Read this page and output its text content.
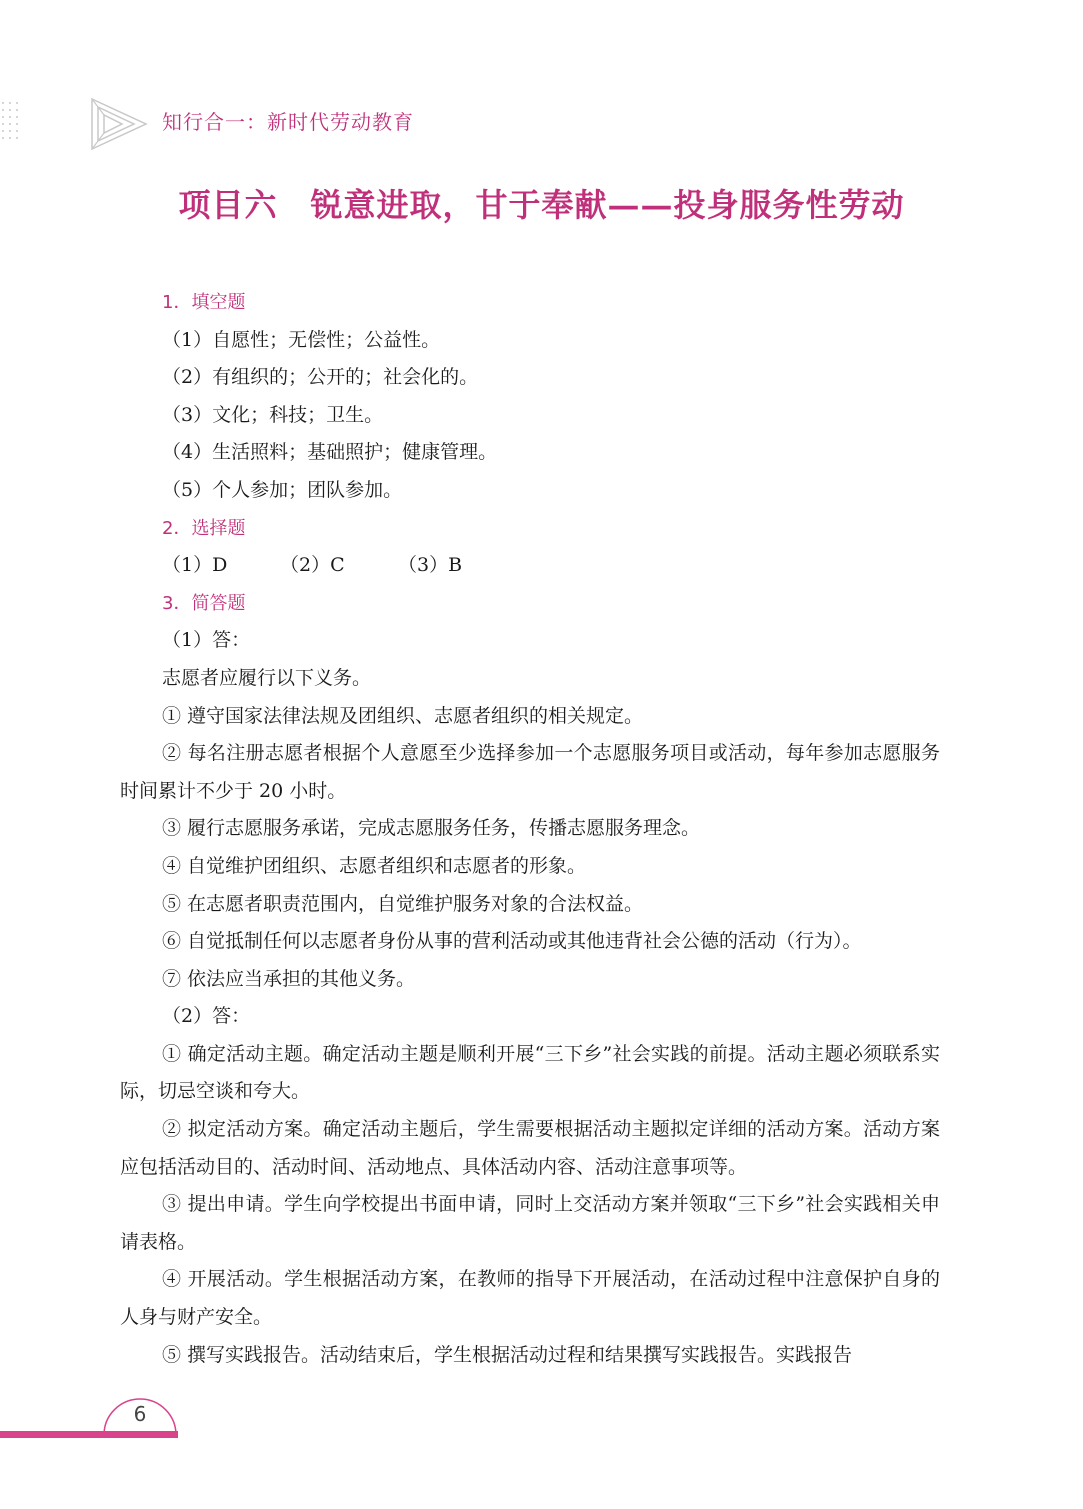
知行合一：新时代劳动教育
项目六　锐意进取，甘于奉献——投身服务性劳动

1．填空题

（1）自愿性；无偿性；公益性。

（2）有组织的；公开的；社会化的。

（3）文化；科技；卫生。

（4）生活照料；基础照护；健康管理。

（5）个人参加；团队参加。

2．选择题

（1）D	（2）C	（3）B

3．简答题

（1）答：

志愿者应履行以下义务。

① 遵守国家法律法规及团组织、志愿者组织的相关规定。

② 每名注册志愿者根据个人意愿至少选择参加一个志愿服务项目或活动，每年参加志愿服务时间累计不少于 20 小时。

③ 履行志愿服务承诺，完成志愿服务任务，传播志愿服务理念。

④ 自觉维护团组织、志愿者组织和志愿者的形象。

⑤ 在志愿者职责范围内，自觉维护服务对象的合法权益。

⑥ 自觉抵制任何以志愿者身份从事的营利活动或其他违背社会公德的活动（行为）。

⑦ 依法应当承担的其他义务。

（2）答：

① 确定活动主题。确定活动主题是顺利开展“三下乡”社会实践的前提。活动主题必须联系实际，切忌空谈和夸大。

② 拟定活动方案。确定活动主题后，学生需要根据活动主题拟定详细的活动方案。活动方案应包括活动目的、活动时间、活动地点、具体活动内容、活动注意事项等。

③ 提出申请。学生向学校提出书面申请，同时上交活动方案并领取“三下乡”社会实践相关申请表格。

④ 开展活动。学生根据活动方案，在教师的指导下开展活动，在活动过程中注意保护自身的人身与财产安全。

⑤ 撰写实践报告。活动结束后，学生根据活动过程和结果撰写实践报告。实践报告

6
